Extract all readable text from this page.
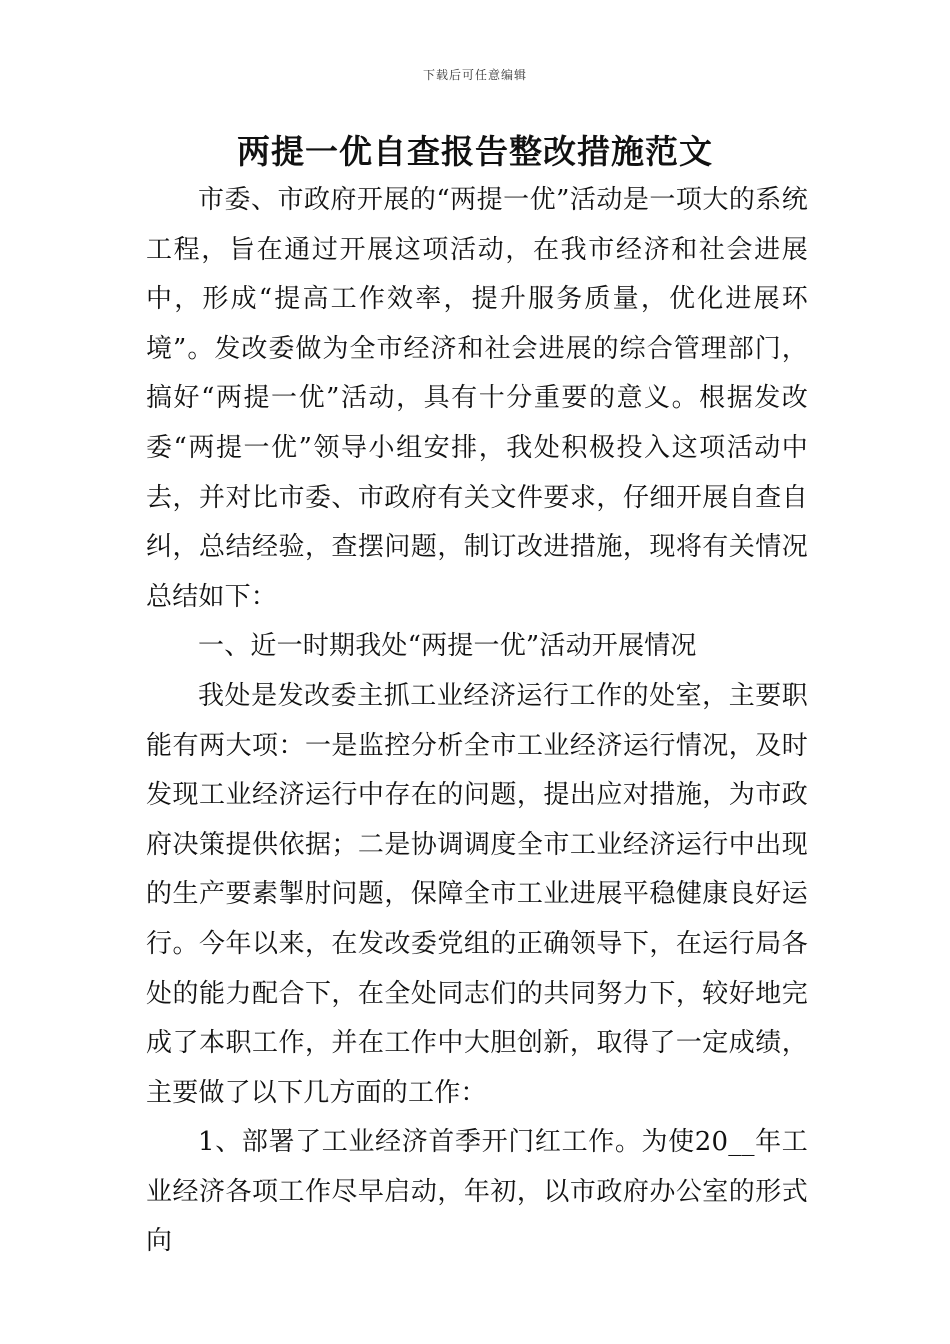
下载后可任意编辑
两提一优自查报告整改措施范文

市委、市政府开展的“两提一优”活动是一项大的系统工程，旨在通过开展这项活动，在我市经济和社会进展中，形成“提高工作效率，提升服务质量，优化进展环境”。发改委做为全市经济和社会进展的综合管理部门，搞好“两提一优”活动，具有十分重要的意义。根据发改委“两提一优”领导小组安排，我处积极投入这项活动中去，并对比市委、市政府有关文件要求，仔细开展自查自纠，总结经验，查摆问题，制订改进措施，现将有关情况总结如下：

一、近一时期我处“两提一优”活动开展情况

我处是发改委主抓工业经济运行工作的处室，主要职能有两大项：一是监控分析全市工业经济运行情况，及时发现工业经济运行中存在的问题，提出应对措施，为市政府决策提供依据；二是协调调度全市工业经济运行中出现的生产要素掣肘问题，保障全市工业进展平稳健康良好运行。今年以来，在发改委党组的正确领导下，在运行局各处的能力配合下，在全处同志们的共同努力下，较好地完成了本职工作，并在工作中大胆创新，取得了一定成绩，主要做了以下几方面的工作：

1、部署了工业经济首季开门红工作。为使20__年工业经济各项工作尽早启动，年初，以市政府办公室的形式向
